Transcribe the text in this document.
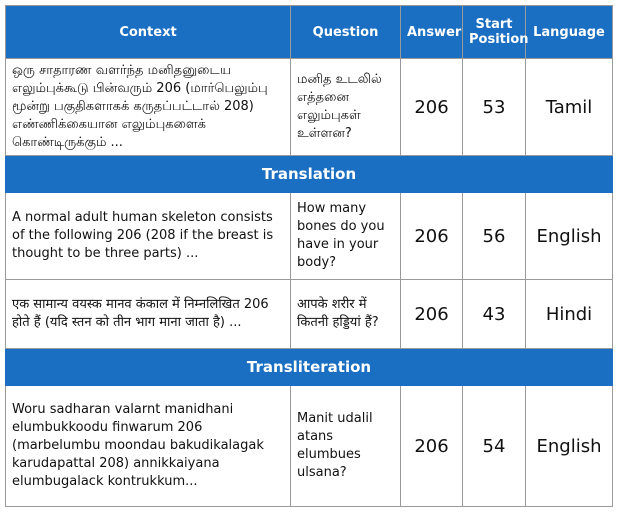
Context	Question	Answer	Start Position	Language
ஒரு சாதாரண வளர்ந்த மனிதனுடைய எலும்புக்கூடு பின்வரும் 206 (மார்பெலும்பு மூன்று பகுதிகளாகக் கருதப்பட்டால் 208) எண்ணிக்கையான எலும்புகளைக் கொண்டிருக்கும் ...	மனித உடலில் எத்தனை எலும்புகள் உள்ளன?	206	53	Tamil
Translation				
A normal adult human skeleton consists of the following 206 (208 if the breast is thought to be three parts) ...	How many bones do you have in your body?	206	56	English
एक सामान्य वयस्क मानव कंकाल में निम्नलिखित 206 होते हैं (यदि स्तन को तीन भाग माना जाता है) ...	आपके शरीर में कितनी हड्डियां हैं?	206	43	Hindi
Transliteration				
Woru sadharan valarnt manidhani elumbukkoodu finwarum 206 (marbelumbu moondau bakudikalagak karudapattal 208) annikkaiyana elumbugalack kontrukkum...	Manit udalil atans elumbues ulsana?	206	54	English
